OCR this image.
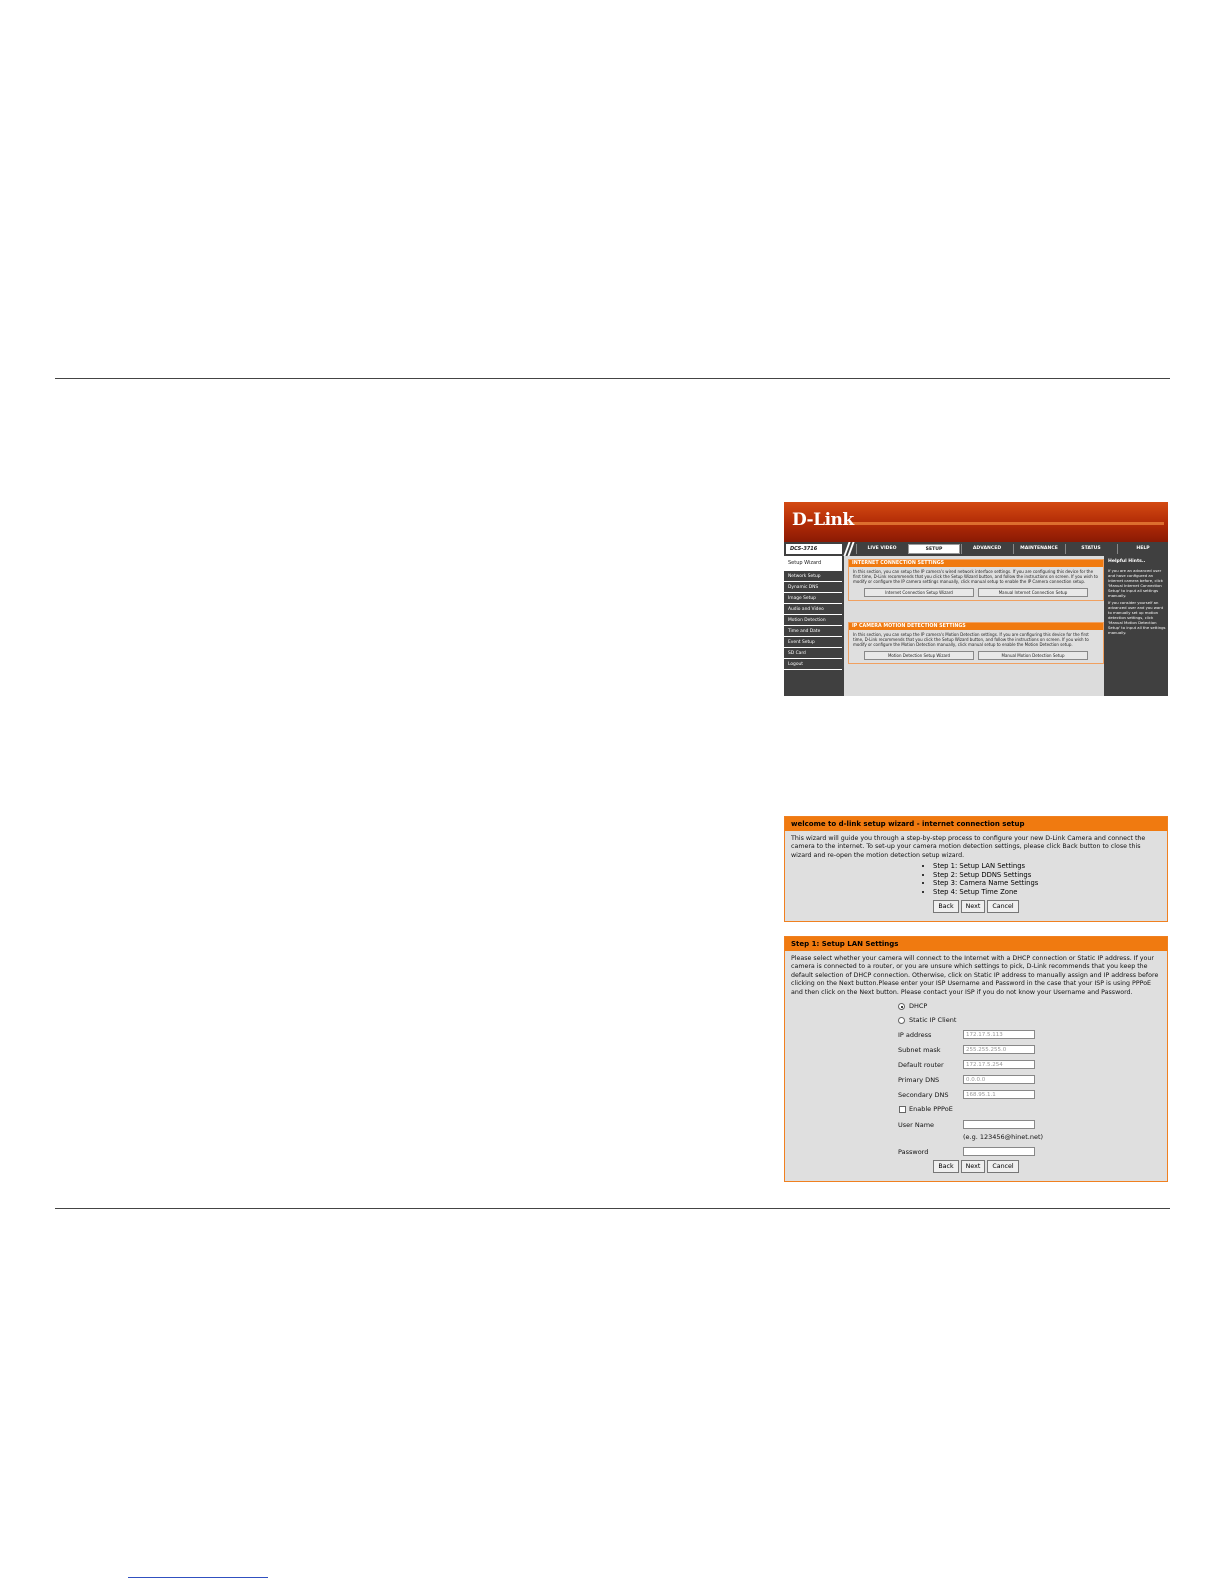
D-Link
DCS-3716	LIVE VIDEO	SETUP	ADVANCED	MAINTENANCE	STATUS	HELP
Setup Wizard
Network Setup
Dynamic DNS
Image Setup
Audio and Video
Motion Detection
Time and Date
Event Setup
SD Card
Logout
INTERNET CONNECTION SETTINGS
In this section, you can setup the IP camera's wired network interface settings. If you are configuring this device for the first time, D-Link recommends that you click the Setup Wizard button, and follow the instructions on screen. If you wish to modify or configure the IP camera settings manually, click manual setup to enable the IP Camera connection setup.
Internet Connection Setup Wizard	Manual Internet Connection Setup
IP CAMERA MOTION DETECTION SETTINGS
In this section, you can setup the IP camera's Motion Detection settings. If you are configuring this device for the first time, D-Link recommends that you click the Setup Wizard button, and follow the instructions on screen. If you wish to modify or configure the Motion Detection manually, click manual setup to enable the Motion Detection setup.
Motion Detection Setup Wizard	Manual Motion Detection Setup
Helpful Hints..
If you are an advanced user and have configured an Internet camera before, click 'Manual Internet Connection Setup' to input all settings manually.
If you consider yourself an advanced user and you want to manually set up motion detection settings, click 'Manual Motion Detection Setup' to input all the settings manually.
welcome to d-link setup wizard - internet connection setup
This wizard will guide you through a step-by-step process to configure your new D-Link Camera and connect the camera to the internet. To set-up your camera motion detection settings, please click Back button to close this wizard and re-open the motion detection setup wizard.
• Step 1: Setup LAN Settings
• Step 2: Setup DDNS Settings
• Step 3: Camera Name Settings
• Step 4: Setup Time Zone
Back	Next	Cancel
Step 1: Setup LAN Settings
Please select whether your camera will connect to the Internet with a DHCP connection or Static IP address. If your camera is connected to a router, or you are unsure which settings to pick, D-Link recommends that you keep the default selection of DHCP connection. Otherwise, click on Static IP address to manually assign and IP address before clicking on the Next button.Please enter your ISP Username and Password in the case that your ISP is using PPPoE and then click on the Next button. Please contact your ISP if you do not know your Username and Password.
DHCP
Static IP Client
IP address	172.17.5.113
Subnet mask	255.255.255.0
Default router	172.17.5.254
Primary DNS	0.0.0.0
Secondary DNS	168.95.1.1
Enable PPPoE
User Name
(e.g. 123456@hinet.net)
Password
Back	Next	Cancel
